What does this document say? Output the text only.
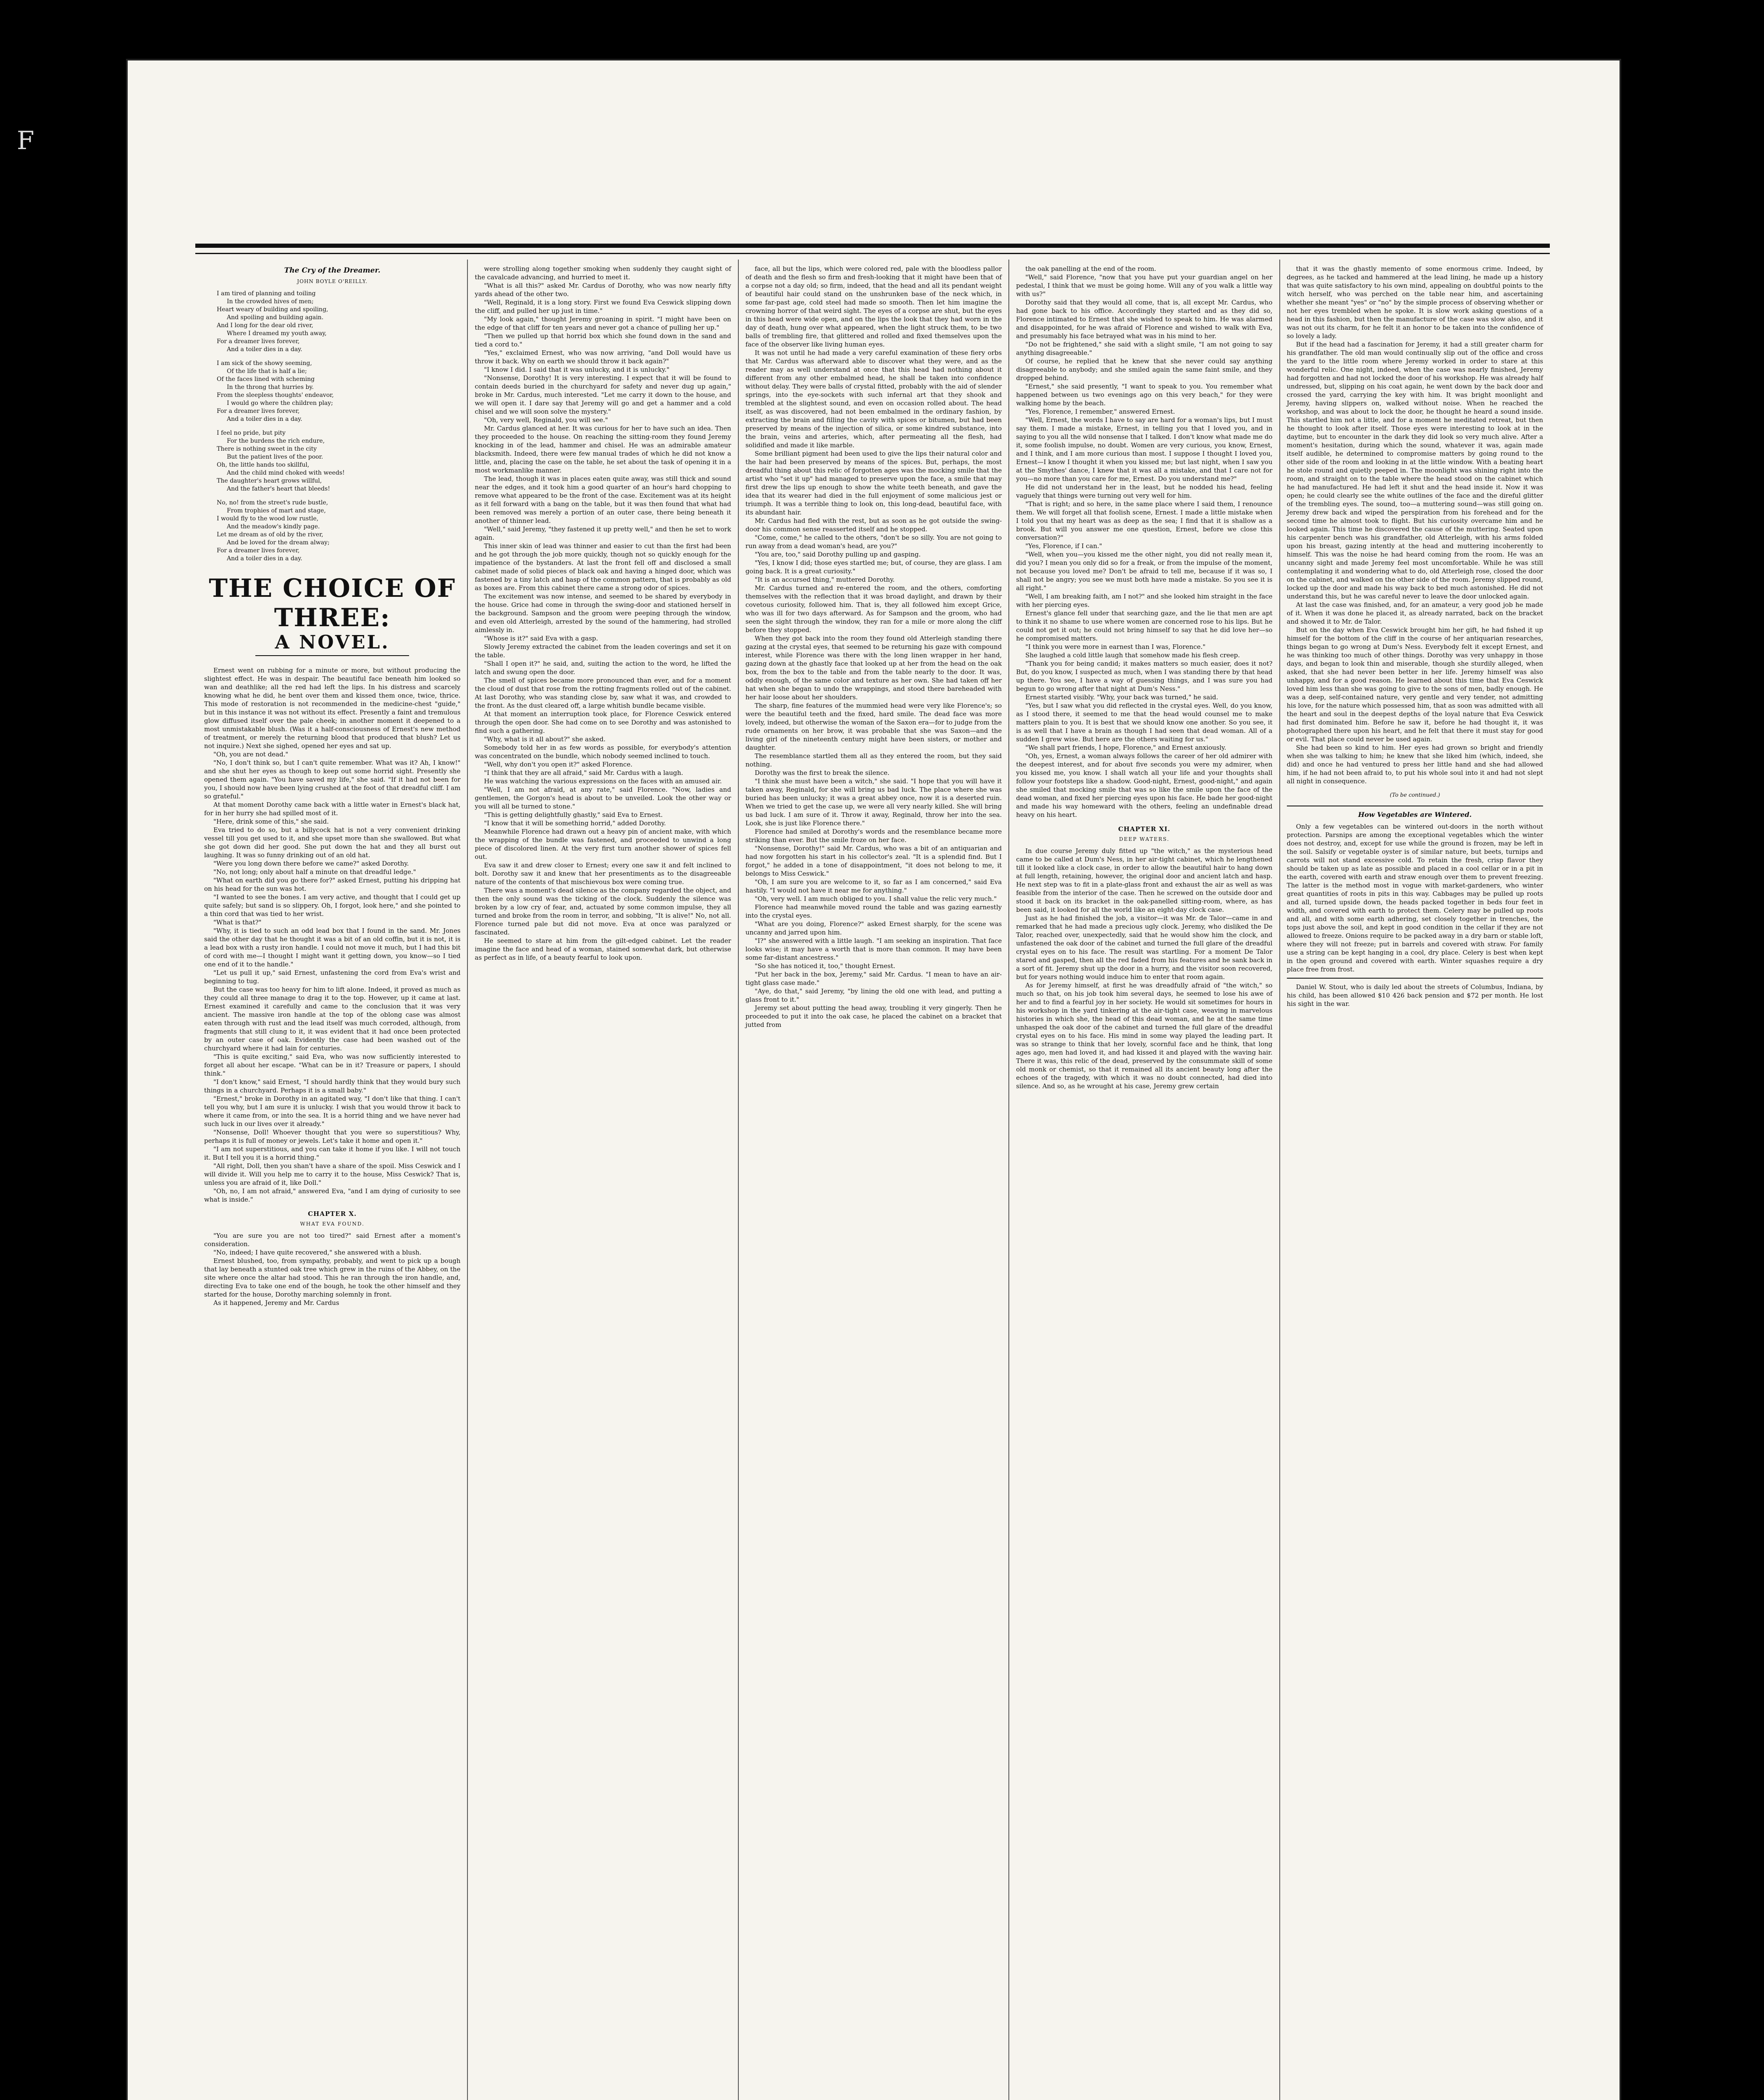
F
The Cry of the Dreamer.
JOHN BOYLE O'REILLY.
I am tired of planning and toiling
In the crowded hives of men;
Heart weary of building and spoiling,
And spoiling and building again.
And I long for the dear old river,
Where I dreamed my youth away,
For a dreamer lives forever,
And a toiler dies in a day.
I am sick of the showy seeming,
Of the life that is half a lie;
Of the faces lined with scheming
In the throng that hurries by.
From the sleepless thoughts' endeavor,
I would go where the children play;
For a dreamer lives forever,
And a toiler dies in a day.
I feel no pride, but pity
For the burdens the rich endure,
There is nothing sweet in the city
But the patient lives of the poor.
Oh, the little hands too skillful,
And the child mind choked with weeds!
The daughter's heart grows willful,
And the father's heart that bleeds!
No, no! from the street's rude bustle,
From trophies of mart and stage,
I would fly to the wood low rustle,
And the meadow's kindly page.
Let me dream as of old by the river,
And be loved for the dream alway;
For a dreamer lives forever,
And a toiler dies in a day.
THE CHOICE OF THREE:
A NOVEL.

Ernest went on rubbing for a minute or more, but without producing the slightest effect. He was in despair. The beautiful face beneath him looked so wan and deathlike; all the red had left the lips. In his distress and scarcely knowing what he did, he bent over them and kissed them once, twice, thrice. This mode of restoration is not recommended in the medicine-chest "guide," but in this instance it was not without its effect. Presently a faint and tremulous glow diffused itself over the pale cheek; in another moment it deepened to a most unmistakable blush. (Was it a half-consciousness of Ernest's new method of treatment, or merely the returning blood that produced that blush? Let us not inquire.) Next she sighed, opened her eyes and sat up.

"Oh, you are not dead."

"No, I don't think so, but I can't quite remember. What was it? Ah, I know!" and she shut her eyes as though to keep out some horrid sight. Presently she opened them again. "You have saved my life," she said. "If it had not been for you, I should now have been lying crushed at the foot of that dreadful cliff. I am so grateful."

At that moment Dorothy came back with a little water in Ernest's black hat, for in her hurry she had spilled most of it.

"Here, drink some of this," she said.

Eva tried to do so, but a billycock hat is not a very convenient drinking vessel till you get used to it, and she upset more than she swallowed. But what she got down did her good. She put down the hat and they all burst out laughing. It was so funny drinking out of an old hat.

"Were you long down there before we came?" asked Dorothy.

"No, not long; only about half a minute on that dreadful ledge."

"What on earth did you go there for?" asked Ernest, putting his dripping hat on his head for the sun was hot.

"I wanted to see the bones. I am very active, and thought that I could get up quite safely; but sand is so slippery. Oh, I forgot, look here," and she pointed to a thin cord that was tied to her wrist.

"What is that?"

"Why, it is tied to such an odd lead box that I found in the sand. Mr. Jones said the other day that he thought it was a bit of an old coffin, but it is not, it is a lead box with a rusty iron handle. I could not move it much, but I had this bit of cord with me—I thought I might want it getting down, you know—so I tied one end of it to the handle."

"Let us pull it up," said Ernest, unfastening the cord from Eva's wrist and beginning to tug.

But the case was too heavy for him to lift alone. Indeed, it proved as much as they could all three manage to drag it to the top. However, up it came at last. Ernest examined it carefully and came to the conclusion that it was very ancient. The massive iron handle at the top of the oblong case was almost eaten through with rust and the lead itself was much corroded, although, from fragments that still clung to it, it was evident that it had once been protected by an outer case of oak. Evidently the case had been washed out of the churchyard where it had lain for centuries.

"This is quite exciting," said Eva, who was now sufficiently interested to forget all about her escape. "What can be in it? Treasure or papers, I should think."

"I don't know," said Ernest, "I should hardly think that they would bury such things in a churchyard. Perhaps it is a small baby."

"Ernest," broke in Dorothy in an agitated way, "I don't like that thing. I can't tell you why, but I am sure it is unlucky. I wish that you would throw it back to where it came from, or into the sea. It is a horrid thing and we have never had such luck in our lives over it already."

"Nonsense, Doll! Whoever thought that you were so superstitious? Why, perhaps it is full of money or jewels. Let's take it home and open it."

"I am not superstitious, and you can take it home if you like. I will not touch it. But I tell you it is a horrid thing."

"All right, Doll, then you shan't have a share of the spoil. Miss Ceswick and I will divide it. Will you help me to carry it to the house, Miss Ceswick? That is, unless you are afraid of it, like Doll."

"Oh, no, I am not afraid," answered Eva, "and I am dying of curiosity to see what is inside."

CHAPTER X.
WHAT EVA FOUND.

"You are sure you are not too tired?" said Ernest after a moment's consideration.

"No, indeed; I have quite recovered," she answered with a blush.

Ernest blushed, too, from sympathy, probably, and went to pick up a bough that lay beneath a stunted oak tree which grew in the ruins of the Abbey, on the site where once the altar had stood. This he ran through the iron handle, and, directing Eva to take one end of the bough, he took the other himself and they started for the house, Dorothy marching solemnly in front.

As it happened, Jeremy and Mr. Cardus

were strolling along together smoking when suddenly they caught sight of the cavalcade advancing, and hurried to meet it.

"What is all this?" asked Mr. Cardus of Dorothy, who was now nearly fifty yards ahead of the other two.

"Well, Reginald, it is a long story. First we found Eva Ceswick slipping down the cliff, and pulled her up just in time."

"My look again," thought Jeremy groaning in spirit. "I might have been on the edge of that cliff for ten years and never got a chance of pulling her up."

"Then we pulled up that horrid box which she found down in the sand and tied a cord to."

"Yes," exclaimed Ernest, who was now arriving, "and Doll would have us throw it back. Why on earth we should throw it back again?"

"I know I did. I said that it was unlucky, and it is unlucky."

"Nonsense, Dorothy! It is very interesting. I expect that it will be found to contain deeds buried in the churchyard for safety and never dug up again," broke in Mr. Cardus, much interested. "Let me carry it down to the house, and we will open it. I dare say that Jeremy will go and get a hammer and a cold chisel and we will soon solve the mystery."

"Oh, very well, Reginald, you will see."

Mr. Cardus glanced at her. It was curious for her to have such an idea. Then they proceeded to the house. On reaching the sitting-room they found Jeremy knocking in of the lead, hammer and chisel. He was an admirable amateur blacksmith. Indeed, there were few manual trades of which he did not know a little, and, placing the case on the table, he set about the task of opening it in a most workmanlike manner.

The lead, though it was in places eaten quite away, was still thick and sound near the edges, and it took him a good quarter of an hour's hard chopping to remove what appeared to be the front of the case. Excitement was at its height as it fell forward with a bang on the table, but it was then found that what had been removed was merely a portion of an outer case, there being beneath it another of thinner lead.

"Well," said Jeremy, "they fastened it up pretty well," and then he set to work again.

This inner skin of lead was thinner and easier to cut than the first had been and he got through the job more quickly, though not so quickly enough for the impatience of the bystanders. At last the front fell off and disclosed a small cabinet made of solid pieces of black oak and having a hinged door, which was fastened by a tiny latch and hasp of the common pattern, that is probably as old as boxes are. From this cabinet there came a strong odor of spices.

The excitement was now intense, and seemed to be shared by everybody in the house. Grice had come in through the swing-door and stationed herself in the background. Sampson and the groom were peeping through the window, and even old Atterleigh, arrested by the sound of the hammering, had strolled aimlessly in.

"Whose is it?" said Eva with a gasp.

Slowly Jeremy extracted the cabinet from the leaden coverings and set it on the table.

"Shall I open it?" he said, and, suiting the action to the word, he lifted the latch and swung open the door.

The smell of spices became more pronounced than ever, and for a moment the cloud of dust that rose from the rotting fragments rolled out of the cabinet. At last Dorothy, who was standing close by, saw what it was, and crowded to the front. As the dust cleared off, a large whitish bundle became visible.

At that moment an interruption took place, for Florence Ceswick entered through the open door. She had come on to see Dorothy and was astonished to find such a gathering.

"Why, what is it all about?" she asked.

Somebody told her in as few words as possible, for everybody's attention was concentrated on the bundle, which nobody seemed inclined to touch.

"Well, why don't you open it?" asked Florence.

"I think that they are all afraid," said Mr. Cardus with a laugh.

He was watching the various expressions on the faces with an amused air.

"Well, I am not afraid, at any rate," said Florence. "Now, ladies and gentlemen, the Gorgon's head is about to be unveiled. Look the other way or you will all be turned to stone."

"This is getting delightfully ghastly," said Eva to Ernest.

"I know that it will be something horrid," added Dorothy.

Meanwhile Florence had drawn out a heavy pin of ancient make, with which the wrapping of the bundle was fastened, and proceeded to unwind a long piece of discolored linen. At the very first turn another shower of spices fell out.

Eva saw it and drew closer to Ernest; every one saw it and felt inclined to bolt. Dorothy saw it and knew that her presentiments as to the disagreeable nature of the contents of that mischievous box were coming true.

There was a moment's dead silence as the company regarded the object, and then the only sound was the ticking of the clock. Suddenly the silence was broken by a low cry of fear, and, actuated by some common impulse, they all turned and broke from the room in terror, and sobbing, "It is alive!" No, not all. Florence turned pale but did not move. Eva at once was paralyzed or fascinated.

He seemed to stare at him from the gilt-edged cabinet. Let the reader imagine the face and head of a woman, stained somewhat dark, but otherwise as perfect as in life, of a beauty fearful to look upon.

face, all but the lips, which were colored red, pale with the bloodless pallor of death and the flesh so firm and fresh-looking that it might have been that of a corpse not a day old; so firm, indeed, that the head and all its pendant weight of beautiful hair could stand on the unshrunken base of the neck which, in some far-past age, cold steel had made so smooth. Then let him imagine the crowning horror of that weird sight. The eyes of a corpse are shut, but the eyes in this head were wide open, and on the lips the look that they had worn in the day of death, hung over what appeared, when the light struck them, to be two balls of trembling fire, that glittered and rolled and fixed themselves upon the face of the observer like living human eyes.

It was not until he had made a very careful examination of these fiery orbs that Mr. Cardus was afterward able to discover what they were, and as the reader may as well understand at once that this head had nothing about it different from any other embalmed head, he shall be taken into confidence without delay. They were balls of crystal fitted, probably with the aid of slender springs, into the eye-sockets with such infernal art that they shook and trembled at the slightest sound, and even on occasion rolled about. The head itself, as was discovered, had not been embalmed in the ordinary fashion, by extracting the brain and filling the cavity with spices or bitumen, but had been preserved by means of the injection of silica, or some kindred substance, into the brain, veins and arteries, which, after permeating all the flesh, had solidified and made it like marble.

Some brilliant pigment had been used to give the lips their natural color and the hair had been preserved by means of the spices. But, perhaps, the most dreadful thing about this relic of forgotten ages was the mocking smile that the artist who "set it up" had managed to preserve upon the face, a smile that may first drew the lips up enough to show the white teeth beneath, and gave the idea that its wearer had died in the full enjoyment of some malicious jest or triumph. It was a terrible thing to look on, this long-dead, beautiful face, with its abundant hair.

Mr. Cardus had fled with the rest, but as soon as he got outside the swing-door his common sense reasserted itself and he stopped.

"Come, come," he called to the others, "don't be so silly. You are not going to run away from a dead woman's head, are you?"

"You are, too," said Dorothy pulling up and gasping.

"Yes, I know I did; those eyes startled me; but, of course, they are glass. I am going back. It is a great curiosity."

"It is an accursed thing," muttered Dorothy.

Mr. Cardus turned and re-entered the room, and the others, comforting themselves with the reflection that it was broad daylight, and drawn by their covetous curiosity, followed him. That is, they all followed him except Grice, who was ill for two days afterward. As for Sampson and the groom, who had seen the sight through the window, they ran for a mile or more along the cliff before they stopped.

When they got back into the room they found old Atterleigh standing there gazing at the crystal eyes, that seemed to be returning his gaze with compound interest, while Florence was there with the long linen wrapper in her hand, gazing down at the ghastly face that looked up at her from the head on the oak box, from the box to the table and from the table nearly to the door. It was, oddly enough, of the same color and texture as her own. She had taken off her hat when she began to undo the wrappings, and stood there bareheaded with her hair loose about her shoulders.

The sharp, fine features of the mummied head were very like Florence's; so were the beautiful teeth and the fixed, hard smile. The dead face was more lovely, indeed, but otherwise the woman of the Saxon era—for to judge from the rude ornaments on her brow, it was probable that she was Saxon—and the living girl of the nineteenth century might have been sisters, or mother and daughter.

The resemblance startled them all as they entered the room, but they said nothing.

Dorothy was the first to break the silence.

"I think she must have been a witch," she said. "I hope that you will have it taken away, Reginald, for she will bring us bad luck. The place where she was buried has been unlucky; it was a great abbey once, now it is a deserted ruin. When we tried to get the case up, we were all very nearly killed. She will bring us bad luck. I am sure of it. Throw it away, Reginald, throw her into the sea. Look, she is just like Florence there."

Florence had smiled at Dorothy's words and the resemblance became more striking than ever. But the smile froze on her face.

"Nonsense, Dorothy!" said Mr. Cardus, who was a bit of an antiquarian and had now forgotten his start in his collector's zeal. "It is a splendid find. But I forgot," he added in a tone of disappointment, "it does not belong to me, it belongs to Miss Ceswick."

"Oh, I am sure you are welcome to it, so far as I am concerned," said Eva hastily. "I would not have it near me for anything."

"Oh, very well. I am much obliged to you. I shall value the relic very much."

Florence had meanwhile moved round the table and was gazing earnestly into the crystal eyes.

"What are you doing, Florence?" asked Ernest sharply, for the scene was uncanny and jarred upon him.

"I?" she answered with a little laugh. "I am seeking an inspiration. That face looks wise; it may have a worth that is more than common. It may have been some far-distant ancestress."

"So she has noticed it, too," thought Ernest.

"Put her back in the box, Jeremy," said Mr. Cardus. "I mean to have an air-tight glass case made."

"Aye, do that," said Jeremy, "by lining the old one with lead, and putting a glass front to it."

Jeremy set about putting the head away, troubling it very gingerly. Then he proceeded to put it into the oak case, he placed the cabinet on a bracket that jutted from

the oak panelling at the end of the room.

"Well," said Florence, "now that you have put your guardian angel on her pedestal, I think that we must be going home. Will any of you walk a little way with us?"

Dorothy said that they would all come, that is, all except Mr. Cardus, who had gone back to his office. Accordingly they started and as they did so, Florence intimated to Ernest that she wished to speak to him. He was alarmed and disappointed, for he was afraid of Florence and wished to walk with Eva, and presumably his face betrayed what was in his mind to her.

"Do not be frightened," she said with a slight smile, "I am not going to say anything disagreeable."

Of course, he replied that he knew that she never could say anything disagreeable to anybody; and she smiled again the same faint smile, and they dropped behind.

"Ernest," she said presently, "I want to speak to you. You remember what happened between us two evenings ago on this very beach," for they were walking home by the beach.

"Yes, Florence, I remember," answered Ernest.

"Well, Ernest, the words I have to say are hard for a woman's lips, but I must say them. I made a mistake, Ernest, in telling you that I loved you, and in saying to you all the wild nonsense that I talked. I don't know what made me do it, some foolish impulse, no doubt. Women are very curious, you know, Ernest, and I think, and I am more curious than most. I suppose I thought I loved you, Ernest—I know I thought it when you kissed me; but last night, when I saw you at the Smythes' dance, I knew that it was all a mistake, and that I care not for you—no more than you care for me, Ernest. Do you understand me?"

He did not understand her in the least, but he nodded his head, feeling vaguely that things were turning out very well for him.

"That is right; and so here, in the same place where I said them, I renounce them. We will forget all that foolish scene, Ernest. I made a little mistake when I told you that my heart was as deep as the sea; I find that it is shallow as a brook. But will you answer me one question, Ernest, before we close this conversation?"

"Yes, Florence, if I can."

"Well, when you—you kissed me the other night, you did not really mean it, did you? I mean you only did so for a freak, or from the impulse of the moment, not because you loved me? Don't be afraid to tell me, because if it was so, I shall not be angry; you see we must both have made a mistake. So you see it is all right."

"Well, I am breaking faith, am I not?" and she looked him straight in the face with her piercing eyes.

Ernest's glance fell under that searching gaze, and the lie that men are apt to think it no shame to use where women are concerned rose to his lips. But he could not get it out; he could not bring himself to say that he did love her—so he compromised matters.

"I think you were more in earnest than I was, Florence."

She laughed a cold little laugh that somehow made his flesh creep.

"Thank you for being candid; it makes matters so much easier, does it not? But, do you know, I suspected as much, when I was standing there by that head up there. You see, I have a way of guessing things, and I was sure you had begun to go wrong after that night at Dum's Ness."

Ernest started visibly. "Why, your back was turned," he said.

"Yes, but I saw what you did reflected in the crystal eyes. Well, do you know, as I stood there, it seemed to me that the head would counsel me to make matters plain to you. It is best that we should know one another. So you see, it is as well that I have a brain as though I had seen that dead woman. All of a sudden I grew wise. But here are the others waiting for us."

"We shall part friends, I hope, Florence," and Ernest anxiously.

"Oh, yes, Ernest, a woman always follows the career of her old admirer with the deepest interest, and for about five seconds you were my admirer, when you kissed me, you know. I shall watch all your life and your thoughts shall follow your footsteps like a shadow. Good-night, Ernest, good-night," and again she smiled that mocking smile that was so like the smile upon the face of the dead woman, and fixed her piercing eyes upon his face. He bade her good-night and made his way homeward with the others, feeling an undefinable dread heavy on his heart.

CHAPTER XI.
DEEP WATERS.

In due course Jeremy duly fitted up "the witch," as the mysterious head came to be called at Dum's Ness, in her air-tight cabinet, which he lengthened till it looked like a clock case, in order to allow the beautiful hair to hang down at full length, retaining, however, the original door and ancient latch and hasp. He next step was to fit in a plate-glass front and exhaust the air as well as was feasible from the interior of the case. Then he screwed on the outside door and stood it back on its bracket in the oak-panelled sitting-room, where, as has been said, it looked for all the world like an eight-day clock case.

Just as he had finished the job, a visitor—it was Mr. de Talor—came in and remarked that he had made a precious ugly clock. Jeremy, who disliked the De Talor, reached over, unexpectedly, said that he would show him the clock, and unfastened the oak door of the cabinet and turned the full glare of the dreadful crystal eyes on to his face. The result was startling. For a moment De Talor stared and gasped, then all the red faded from his features and he sank back in a sort of fit. Jeremy shut up the door in a hurry, and the visitor soon recovered, but for years nothing would induce him to enter that room again.

As for Jeremy himself, at first he was dreadfully afraid of "the witch," so much so that, on his job took him several days, he seemed to lose his awe of her and to find a fearful joy in her society. He would sit sometimes for hours in his workshop in the yard tinkering at the air-tight case, weaving in marvelous histories in which she, the head of this dead woman, and he at the same time unhasped the oak door of the cabinet and turned the full glare of the dreadful crystal eyes on to his face. His mind in some way played the leading part. It was so strange to think that her lovely, scornful face and he think, that long ages ago, men had loved it, and had kissed it and played with the waving hair. There it was, this relic of the dead, preserved by the consummate skill of some old monk or chemist, so that it remained all its ancient beauty long after the echoes of the tragedy, with which it was no doubt connected, had died into silence. And so, as he wrought at his case, Jeremy grew certain

that it was the ghastly memento of some enormous crime. Indeed, by degrees, as he tacked and hammered at the lead lining, he made up a history that was quite satisfactory to his own mind, appealing on doubtful points to the witch herself, who was perched on the table near him, and ascertaining whether she meant "yes" or "no" by the simple process of observing whether or not her eyes trembled when he spoke. It is slow work asking questions of a head in this fashion, but then the manufacture of the case was slow also, and it was not out its charm, for he felt it an honor to be taken into the confidence of so lovely a lady.

But if the head had a fascination for Jeremy, it had a still greater charm for his grandfather. The old man would continually slip out of the office and cross the yard to the little room where Jeremy worked in order to stare at this wonderful relic. One night, indeed, when the case was nearly finished, Jeremy had forgotten and had not locked the door of his workshop. He was already half undressed, but, slipping on his coat again, he went down by the back door and crossed the yard, carrying the key with him. It was bright moonlight and Jeremy, having slippers on, walked without noise. When he reached the workshop, and was about to lock the door, he thought he heard a sound inside. This startled him not a little, and for a moment he meditated retreat, but then he thought to look after itself. Those eyes were interesting to look at in the daytime, but to encounter in the dark they did look so very much alive. After a moment's hesitation, during which the sound, whatever it was, again made itself audible, he determined to compromise matters by going round to the other side of the room and looking in at the little window. With a beating heart he stole round and quietly peeped in. The moonlight was shining right into the room, and straight on to the table where the head stood on the cabinet which he had manufactured. He had left it shut and the head inside it. Now it was open; he could clearly see the white outlines of the face and the direful glitter of the trembling eyes. The sound, too—a muttering sound—was still going on. Jeremy drew back and wiped the perspiration from his forehead and for the second time he almost took to flight. But his curiosity overcame him and he looked again. This time he discovered the cause of the muttering. Seated upon his carpenter bench was his grandfather, old Atterleigh, with his arms folded upon his breast, gazing intently at the head and muttering incoherently to himself. This was the noise he had heard coming from the room. He was an uncanny sight and made Jeremy feel most uncomfortable. While he was still contemplating it and wondering what to do, old Atterleigh rose, closed the door on the cabinet, and walked on the other side of the room. Jeremy slipped round, locked up the door and made his way back to bed much astonished. He did not understand this, but he was careful never to leave the door unlocked again.

At last the case was finished, and, for an amateur, a very good job he made of it. When it was done he placed it, as already narrated, back on the bracket and showed it to Mr. de Talor.

But on the day when Eva Ceswick brought him her gift, he had fished it up himself for the bottom of the cliff in the course of her antiquarian researches, things began to go wrong at Dum's Ness. Everybody felt it except Ernest, and he was thinking too much of other things. Dorothy was very unhappy in those days, and began to look thin and miserable, though she sturdily alleged, when asked, that she had never been better in her life. Jeremy himself was also unhappy, and for a good reason. He learned about this time that Eva Ceswick loved him less than she was going to give to the sons of men, badly enough. He was a deep, self-contained nature, very gentle and very tender, not admitting his love, for the nature which possessed him, that as soon was admitted with all the heart and soul in the deepest depths of the loyal nature that Eva Ceswick had first dominated him. Before he saw it, before he had thought it, it was photographed there upon his heart, and he felt that there it must stay for good or evil. That place could never be used again.

She had been so kind to him. Her eyes had grown so bright and friendly when she was talking to him; he knew that she liked him (which, indeed, she did) and once he had ventured to press her little hand and she had allowed him, if he had not been afraid to, to put his whole soul into it and had not slept all night in consequence.

(To be continued.)
How Vegetables are Wintered.

Only a few vegetables can be wintered out-doors in the north without protection. Parsnips are among the exceptional vegetables which the winter does not destroy, and, except for use while the ground is frozen, may be left in the soil. Salsify or vegetable oyster is of similar nature, but beets, turnips and carrots will not stand excessive cold. To retain the fresh, crisp flavor they should be taken up as late as possible and placed in a cool cellar or in a pit in the earth, covered with earth and straw enough over them to prevent freezing. The latter is the method most in vogue with market-gardeners, who winter great quantities of roots in pits in this way. Cabbages may be pulled up roots and all, turned upside down, the heads packed together in beds four feet in width, and covered with earth to protect them. Celery may be pulled up roots and all, and with some earth adhering, set closely together in trenches, the tops just above the soil, and kept in good condition in the cellar if they are not allowed to freeze. Onions require to be packed away in a dry barn or stable loft, where they will not freeze; put in barrels and covered with straw. For family use a string can be kept hanging in a cool, dry place. Celery is best when kept in the open ground and covered with earth. Winter squashes require a dry place free from frost.

Daniel W. Stout, who is daily led about the streets of Columbus, Indiana, by his child, has been allowed $10 426 back pension and $72 per month. He lost his sight in the war.
